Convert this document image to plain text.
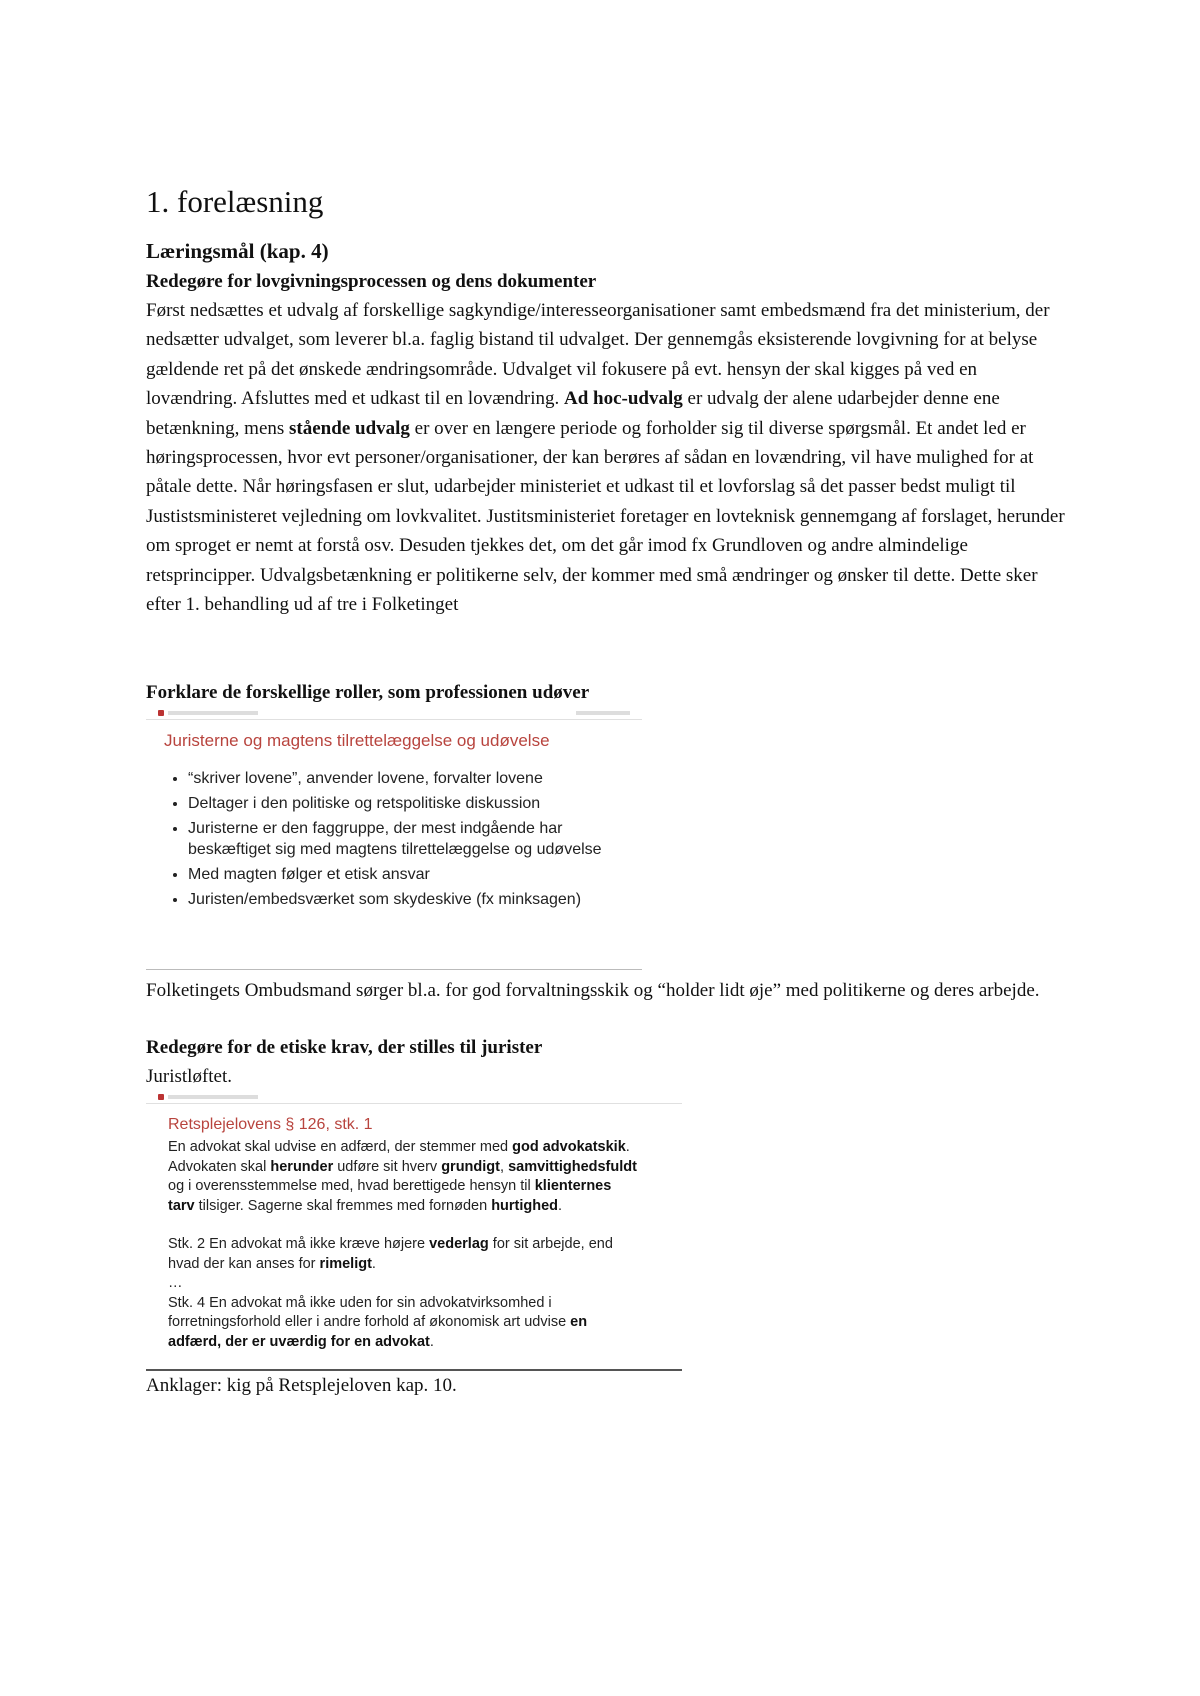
1. forelæsning
Læringsmål (kap. 4)
Redegøre for lovgivningsprocessen og dens dokumenter

Først nedsættes et udvalg af forskellige sagkyndige/interesseorganisationer samt embedsmænd fra det ministerium, der nedsætter udvalget, som leverer bl.a. faglig bistand til udvalget. Der gennemgås eksisterende lovgivning for at belyse gældende ret på det ønskede ændringsområde. Udvalget vil fokusere på evt. hensyn der skal kigges på ved en lovændring. Afsluttes med et udkast til en lovændring. Ad hoc-udvalg er udvalg der alene udarbejder denne ene betænkning, mens stående udvalg er over en længere periode og forholder sig til diverse spørgsmål. Et andet led er høringsprocessen, hvor evt personer/organisationer, der kan berøres af sådan en lovændring, vil have mulighed for at påtale dette. Når høringsfasen er slut, udarbejder ministeriet et udkast til et lovforslag så det passer bedst muligt til Justistsministeret vejledning om lovkvalitet. Justitsministeriet foretager en lovteknisk gennemgang af forslaget, herunder om sproget er nemt at forstå osv. Desuden tjekkes det, om det går imod fx Grundloven og andre almindelige retsprincipper. Udvalgsbetænkning er politikerne selv, der kommer med små ændringer og ønsker til dette. Dette sker efter 1. behandling ud af tre i Folketinget

Forklare de forskellige roller, som professionen udøver
Juristerne og magtens tilrettelæggelse og udøvelse
• “skriver lovene”, anvender lovene, forvalter lovene
• Deltager i den politiske og retspolitiske diskussion
• Juristerne er den faggruppe, der mest indgående har beskæftiget sig med magtens tilrettelæggelse og udøvelse
• Med magten følger et etisk ansvar
• Juristen/embedsværket som skydeskive (fx minksagen)

Folketingets Ombudsmand sørger bl.a. for god forvaltningsskik og “holder lidt øje” med politikerne og deres arbejde.

Redegøre for de etiske krav, der stilles til jurister

Juristløftet.

Retsplejelovens § 126, stk. 1

En advokat skal udvise en adfærd, der stemmer med god advokatskik. Advokaten skal herunder udføre sit hverv grundigt, samvittighedsfuldt og i overensstemmelse med, hvad berettigede hensyn til klienternes tarv tilsiger. Sagerne skal fremmes med fornøden hurtighed.

Stk. 2 En advokat må ikke kræve højere vederlag for sit arbejde, end hvad der kan anses for rimeligt.

…

Stk. 4 En advokat må ikke uden for sin advokatvirksomhed i forretningsforhold eller i andre forhold af økonomisk art udvise en adfærd, der er uværdig for en advokat.

Anklager: kig på Retsplejeloven kap. 10.
